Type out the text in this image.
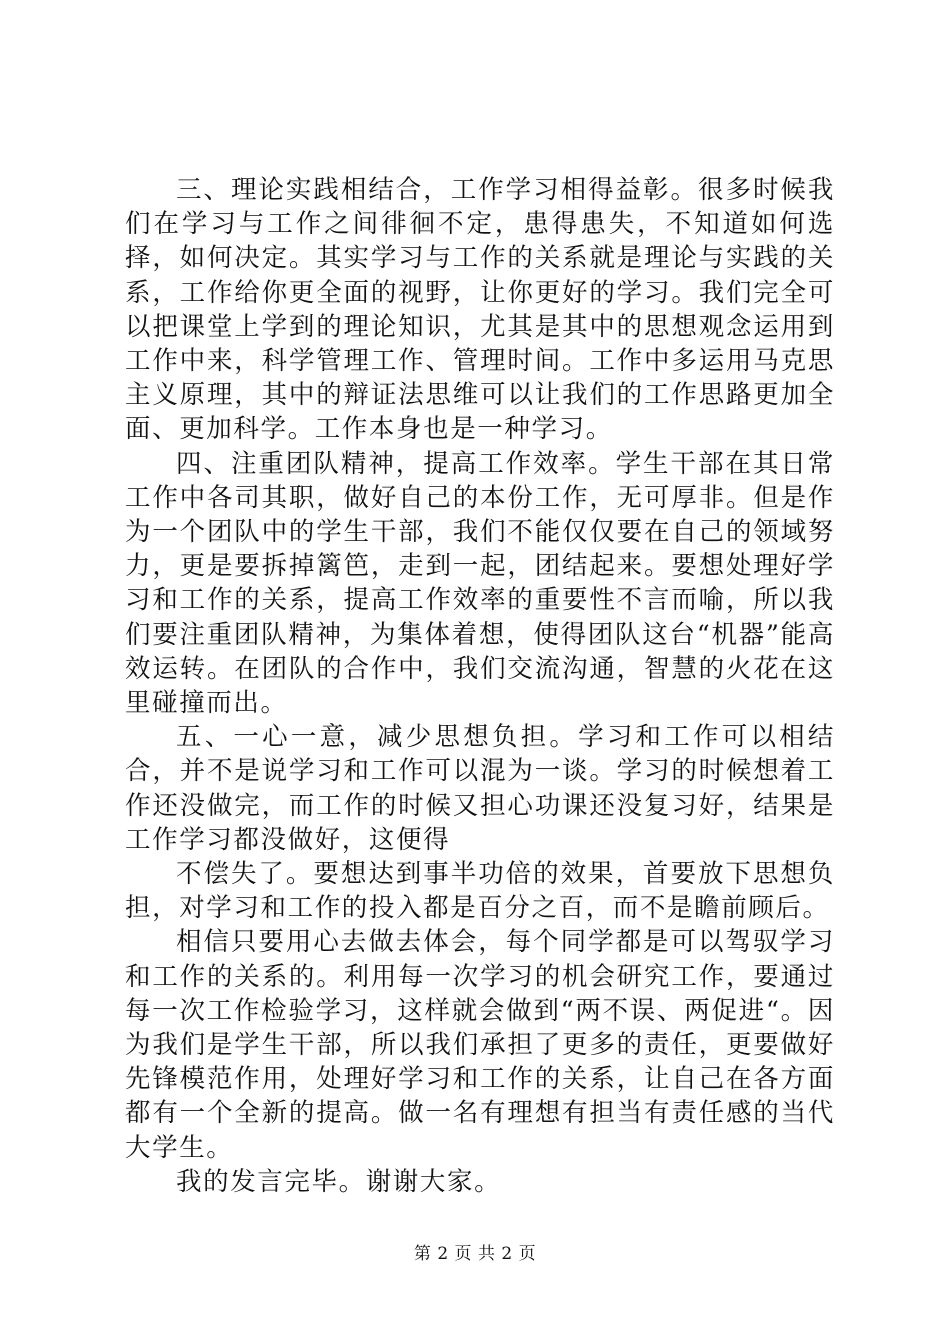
三、理论实践相结合，工作学习相得益彰。很多时候我们在学习与工作之间徘徊不定，患得患失，不知道如何选择，如何决定。其实学习与工作的关系就是理论与实践的关系，工作给你更全面的视野，让你更好的学习。我们完全可以把课堂上学到的理论知识，尤其是其中的思想观念运用到工作中来，科学管理工作、管理时间。工作中多运用马克思主义原理，其中的辩证法思维可以让我们的工作思路更加全面、更加科学。工作本身也是一种学习。

四、注重团队精神，提高工作效率。学生干部在其日常工作中各司其职，做好自己的本份工作，无可厚非。但是作为一个团队中的学生干部，我们不能仅仅要在自己的领域努力，更是要拆掉篱笆，走到一起，团结起来。要想处理好学习和工作的关系，提高工作效率的重要性不言而喻，所以我们要注重团队精神，为集体着想，使得团队这台“机器”能高效运转。在团队的合作中，我们交流沟通，智慧的火花在这里碰撞而出。

五、一心一意，减少思想负担。学习和工作可以相结合，并不是说学习和工作可以混为一谈。学习的时候想着工作还没做完，而工作的时候又担心功课还没复习好，结果是工作学习都没做好，这便得

不偿失了。要想达到事半功倍的效果，首要放下思想负担，对学习和工作的投入都是百分之百，而不是瞻前顾后。

相信只要用心去做去体会，每个同学都是可以驾驭学习和工作的关系的。利用每一次学习的机会研究工作，要通过每一次工作检验学习，这样就会做到“两不误、两促进“。因为我们是学生干部，所以我们承担了更多的责任，更要做好先锋模范作用，处理好学习和工作的关系，让自己在各方面都有一个全新的提高。做一名有理想有担当有责任感的当代大学生。

我的发言完毕。谢谢大家。

第 2 页 共 2 页
